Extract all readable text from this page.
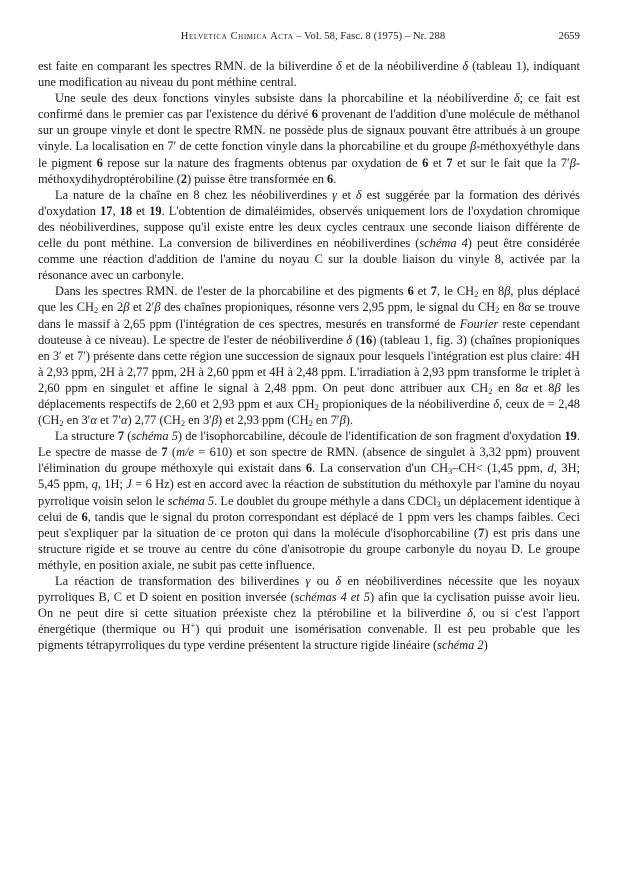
Helvetica Chimica Acta – Vol. 58, Fasc. 8 (1975) – Nr. 288	2659

est faite en comparant les spectres RMN. de la biliverdine δ et de la néobiliverdine δ (tableau 1), indiquant une modification au niveau du pont méthine central.

Une seule des deux fonctions vinyles subsiste dans la phorcabiline et la néobiliverdine δ; ce fait est confirmé dans le premier cas par l'existence du dérivé 6 provenant de l'addition d'une molécule de méthanol sur un groupe vinyle et dont le spectre RMN. ne possède plus de signaux pouvant être attribués à un groupe vinyle. La localisation en 7′ de cette fonction vinyle dans la phorcabiline et du groupe β-méthoxyéthyle dans le pigment 6 repose sur la nature des fragments obtenus par oxydation de 6 et 7 et sur le fait que la 7′β-méthoxydihydroptérobiline (2) puisse être transformée en 6.

La nature de la chaîne en 8 chez les néobiliverdines γ et δ est suggérée par la formation des dérivés d'oxydation 17, 18 et 19. L'obtention de dimaléimides, observés uniquement lors de l'oxydation chromique des néobiliverdines, suppose qu'il existe entre les deux cycles centraux une seconde liaison différente de celle du pont méthine. La conversion de biliverdines en néobiliverdines (schéma 4) peut être considérée comme une réaction d'addition de l'amine du noyau C sur la double liaison du vinyle 8, activée par la résonance avec un carbonyle.

Dans les spectres RMN. de l'ester de la phorcabiline et des pigments 6 et 7, le $CH_2$ en 8β, plus déplacé que les $CH_2$ en 2β et 2′β des chaînes propioniques, résonne vers 2,95 ppm, le signal du $CH_2$ en 8α se trouve dans le massif à 2,65 ppm (l'intégration de ces spectres, mesurés en transformé de Fourier reste cependant douteuse à ce niveau). Le spectre de l'ester de néobiliverdine δ (16) (tableau 1, fig. 3) (chaînes propioniques en 3′ et 7′) présente dans cette région une succession de signaux pour lesquels l'intégration est plus claire: 4H à 2,93 ppm, 2H à 2,77 ppm, 2H à 2,60 ppm et 4H à 2,48 ppm. L'irradiation à 2,93 ppm transforme le triplet à 2,60 ppm en singulet et affine le signal à 2,48 ppm. On peut donc attribuer aux $CH_2$ en 8α et 8β les déplacements respectifs de 2,60 et 2,93 ppm et aux $CH_2$ propioniques de la néobiliverdine δ, ceux de = 2,48 ($CH_2$ en 3′α et 7′α) 2,77 ($CH_2$ en 3′β) et 2,93 ppm ($CH_2$ en 7′β).

La structure 7 (schéma 5) de l'isophorcabiline, découle de l'identification de son fragment d'oxydation 19. Le spectre de masse de 7 (m/e = 610) et son spectre de RMN. (absence de singulet à 3,32 ppm) prouvent l'élimination du groupe méthoxyle qui existait dans 6. La conservation d'un $CH_3-CH< (1,45$ ppm, d, 3H; 5,45 ppm, q, 1H; J = 6 Hz) est en accord avec la réaction de substitution du méthoxyle par l'amine du noyau pyrrolique voisin selon le schéma 5. Le doublet du groupe méthyle a dans CDCl$_3$ un déplacement identique à celui de 6, tandis que le signal du proton correspondant est déplacé de 1 ppm vers les champs faibles. Ceci peut s'expliquer par la situation de ce proton qui dans la molécule d'isophorcabiline (7) est pris dans une structure rigide et se trouve au centre du cône d'anisotropie du groupe carbonyle du noyau D. Le groupe méthyle, en position axiale, ne subit pas cette influence.

La réaction de transformation des biliverdines γ ou δ en néobiliverdines nécessite que les noyaux pyrroliques B, C et D soient en position inversée (schémas 4 et 5) afin que la cyclisation puisse avoir lieu. On ne peut dire si cette situation préexiste chez la ptérobiline et la biliverdine δ, ou si c'est l'apport énergétique (thermique ou H+) qui produit une isomérisation convenable. Il est peu probable que les pigments tétrapyrroliques du type verdine présentent la structure rigide linéaire (schéma 2)
